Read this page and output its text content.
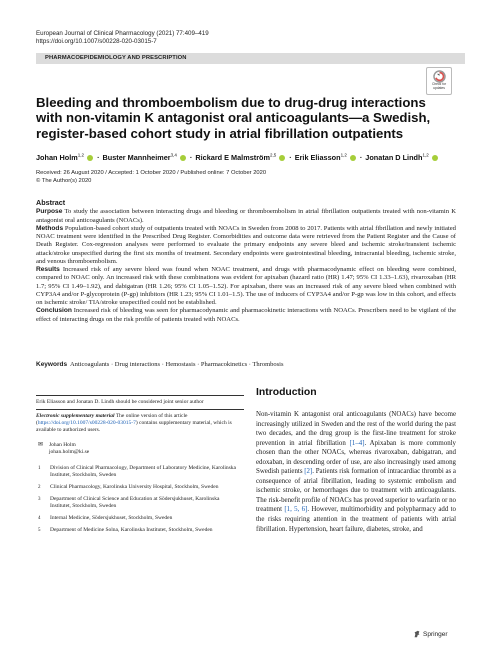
European Journal of Clinical Pharmacology (2021) 77:409–419
https://doi.org/10.1007/s00228-020-03015-7
PHARMACOEPIDEMIOLOGY AND PRESCRIPTION
Check for
updates
Bleeding and thromboembolism due to drug-drug interactions with non-vitamin K antagonist oral anticoagulants—a Swedish, register-based cohort study in atrial fibrillation outpatients
Johan Holm$^{1,2}$ · Buster Mannheimer$^{3,4}$ · Rickard E Malmström$^{2,5}$ · Erik Eliasson$^{1,2}$ · Jonatan D Lindh$^{1,2}$
Received: 26 August 2020 / Accepted: 1 October 2020 / Published online: 7 October 2020
© The Author(s) 2020
Abstract

Purpose To study the association between interacting drugs and bleeding or thromboembolism in atrial fibrillation outpatients treated with non-vitamin K antagonist oral anticoagulants (NOACs).

Methods Population-based cohort study of outpatients treated with NOACs in Sweden from 2008 to 2017. Patients with atrial fibrillation and newly initiated NOAC treatment were identified in the Prescribed Drug Register. Comorbidities and outcome data were retrieved from the Patient Register and the Cause of Death Register. Cox-regression analyses were performed to evaluate the primary endpoints any severe bleed and ischemic stroke/transient ischemic attack/stroke unspecified during the first six months of treatment. Secondary endpoints were gastrointestinal bleeding, intracranial bleeding, ischemic stroke, and venous thromboembolism.

Results Increased risk of any severe bleed was found when NOAC treatment, and drugs with pharmacodynamic effect on bleeding were combined, compared to NOAC only. An increased risk with these combinations was evident for apixaban (hazard ratio (HR) 1.47; 95% CI 1.33–1.63), rivaroxaban (HR 1.7; 95% CI 1.49–1.92), and dabigatran (HR 1.26; 95% CI 1.05–1.52). For apixaban, there was an increased risk of any severe bleed when combined with CYP3A4 and/or P-glycoprotein (P-gp) inhibitors (HR 1.23; 95% CI 1.01–1.5). The use of inducers of CYP3A4 and/or P-gp was low in this cohort, and effects on ischemic stroke/ TIA/stroke unspecified could not be established.

Conclusion Increased risk of bleeding was seen for pharmacodynamic and pharmacokinetic interactions with NOACs. Prescribers need to be vigilant of the effect of interacting drugs on the risk profile of patients treated with NOACs.

Keywords Anticoagulants · Drug interactions · Hemostasis · Pharmacokinetics · Thrombosis
Erik Eliasson and Jonatan D. Lindh should be considered joint senior author
Electronic supplementary material The online version of this article (https://doi.org/10.1007/s00228-020-03015-7) contains supplementary material, which is available to authorized users.
✉	Johan Holm
johan.holm@ki.se
1	Division of Clinical Pharmacology, Department of Laboratory Medicine, Karolinska Institutet, Stockholm, Sweden
2	Clinical Pharmacology, Karolinska University Hospital, Stockholm, Sweden
3	Department of Clinical Science and Education at Södersjukhuset, Karolinska Institutet, Stockholm, Sweden
4	Internal Medicine, Södersjukhuset, Stockholm, Sweden
5	Department of Medicine Solna, Karolinska Institutet, Stockholm, Sweden
Introduction
Non-vitamin K antagonist oral anticoagulants (NOACs) have become increasingly utilized in Sweden and the rest of the world during the past two decades, and the drug group is the first-line treatment for stroke prevention in atrial fibrillation [1–4]. Apixaban is more commonly chosen than the other NOACs, whereas rivaroxaban, dabigatran, and edoxaban, in descending order of use, are also increasingly used among Swedish patients [2]. Patients risk formation of intracardiac thrombi as a consequence of atrial fibrillation, leading to systemic embolism and ischemic stroke, or hemorrhages due to treatment with anticoagulants. The risk-benefit profile of NOACs has proved superior to warfarin or no treatment [1, 5, 6]. However, multimorbidity and polypharmacy add to the risks requiring attention in the treatment of patients with atrial fibrillation. Hypertension, heart failure, diabetes, stroke, and
Springer
